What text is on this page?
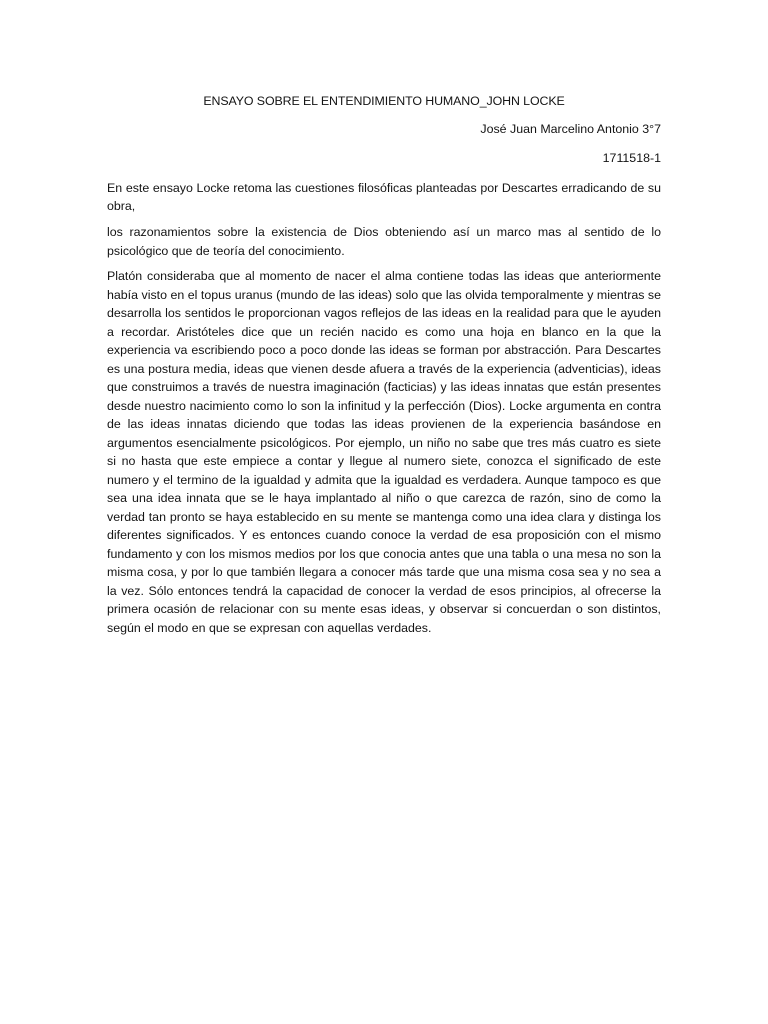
ENSAYO SOBRE EL ENTENDIMIENTO HUMANO_JOHN LOCKE
José Juan Marcelino Antonio 3°7
1711518-1
En este ensayo Locke retoma las cuestiones filosóficas planteadas por Descartes erradicando de su obra,
los razonamientos sobre la existencia de Dios obteniendo así un marco mas al sentido de lo psicológico que de teoría del conocimiento.
Platón consideraba que al momento de nacer el alma contiene todas las ideas que anteriormente había visto en el topus uranus (mundo de las ideas) solo que las olvida temporalmente y mientras se desarrolla los sentidos le proporcionan vagos reflejos de las ideas en la realidad para que le ayuden a recordar. Aristóteles dice que un recién nacido es como una hoja en blanco en la que la experiencia va escribiendo poco a poco donde las ideas se forman por abstracción. Para Descartes es una postura media, ideas que vienen desde afuera a través de la experiencia (adventicias), ideas que construimos a través de nuestra imaginación (facticias) y las ideas innatas que están presentes desde nuestro nacimiento como lo son la infinitud y la perfección (Dios). Locke argumenta en contra de las ideas innatas diciendo que todas las ideas provienen de la experiencia basándose en argumentos esencialmente psicológicos. Por ejemplo, un niño no sabe que tres más cuatro es siete si no hasta que este empiece a contar y llegue al numero siete, conozca el significado de este numero y el termino de la igualdad y admita que la igualdad es verdadera. Aunque tampoco es que sea una idea innata que se le haya implantado al niño o que carezca de razón, sino de como la verdad tan pronto se haya establecido en su mente se mantenga como una idea clara y distinga los diferentes significados. Y es entonces cuando conoce la verdad de esa proposición con el mismo fundamento y con los mismos medios por los que conocia antes que una tabla o una mesa no son la misma cosa, y por lo que también llegara a conocer más tarde que una misma cosa sea y no sea a la vez. Sólo entonces tendrá la capacidad de conocer la verdad de esos principios, al ofrecerse la primera ocasión de relacionar con su mente esas ideas, y observar si concuerdan o son distintos, según el modo en que se expresan con aquellas verdades.
